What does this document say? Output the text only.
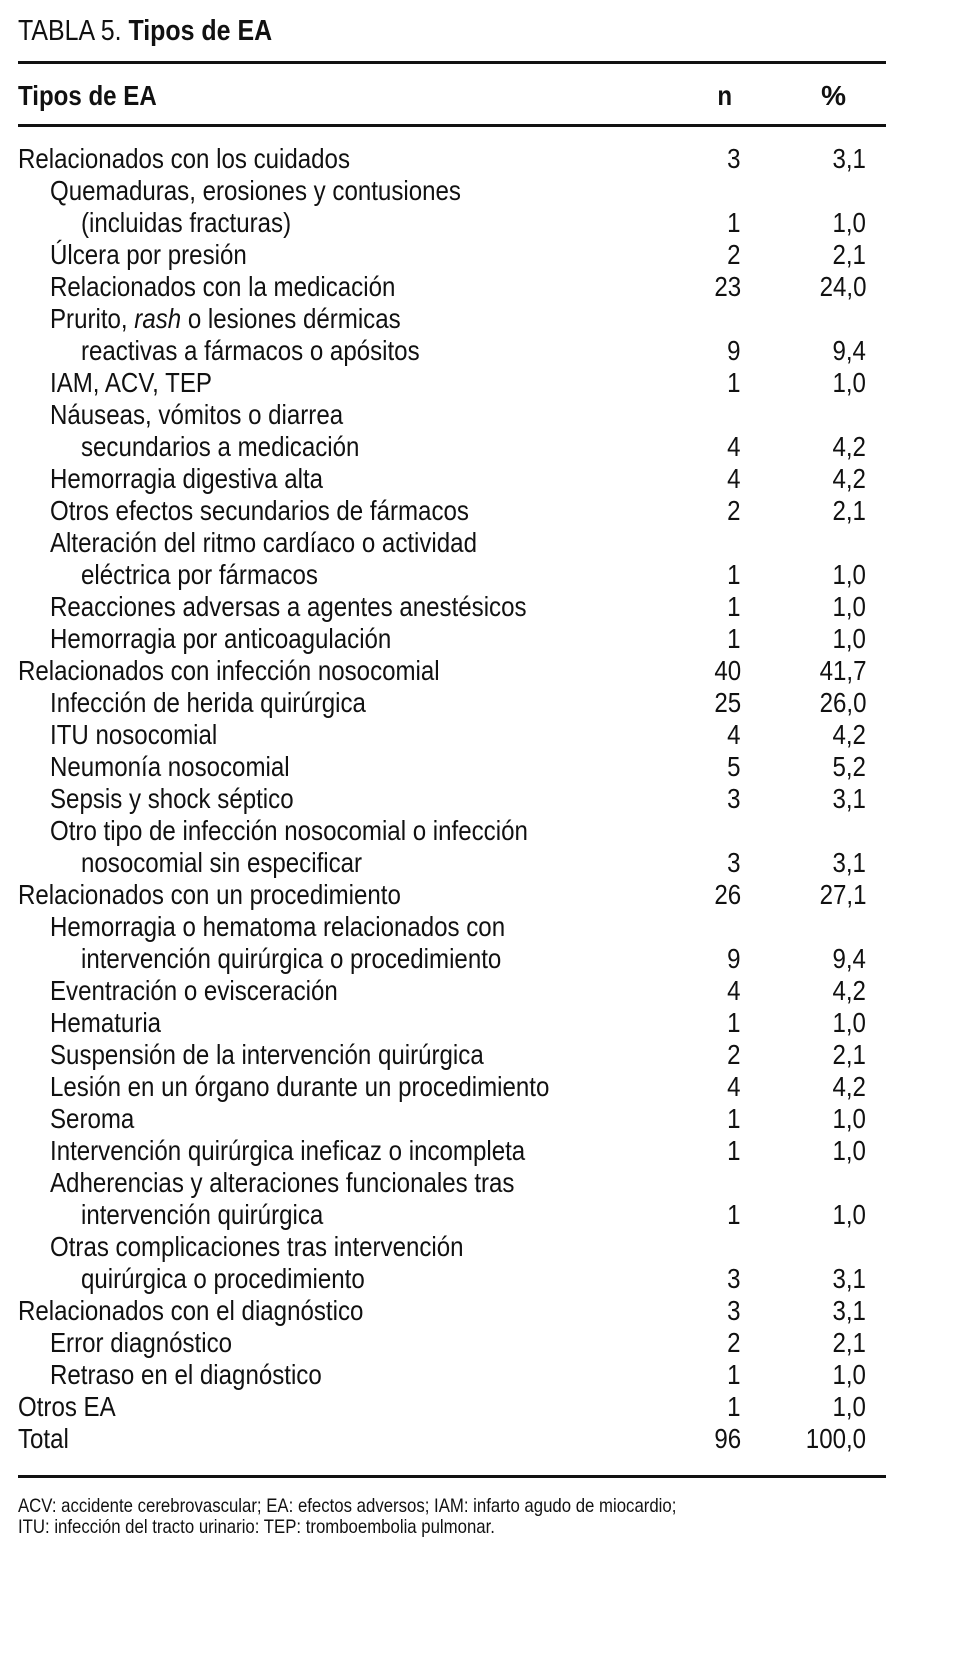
TABLA 5. Tipos de EA
Tipos de EA	n	%
Relacionados con los cuidados	3	3,1
Quemaduras, erosiones y contusiones
(incluidas fracturas)	1	1,0
Úlcera por presión	2	2,1
Relacionados con la medicación	23	24,0
Prurito, rash o lesiones dérmicas
reactivas a fármacos o apósitos	9	9,4
IAM, ACV, TEP	1	1,0
Náuseas, vómitos o diarrea
secundarios a medicación	4	4,2
Hemorragia digestiva alta	4	4,2
Otros efectos secundarios de fármacos	2	2,1
Alteración del ritmo cardíaco o actividad
eléctrica por fármacos	1	1,0
Reacciones adversas a agentes anestésicos	1	1,0
Hemorragia por anticoagulación	1	1,0
Relacionados con infección nosocomial	40	41,7
Infección de herida quirúrgica	25	26,0
ITU nosocomial	4	4,2
Neumonía nosocomial	5	5,2
Sepsis y shock séptico	3	3,1
Otro tipo de infección nosocomial o infección
nosocomial sin especificar	3	3,1
Relacionados con un procedimiento	26	27,1
Hemorragia o hematoma relacionados con
intervención quirúrgica o procedimiento	9	9,4
Eventración o evisceración	4	4,2
Hematuria	1	1,0
Suspensión de la intervención quirúrgica	2	2,1
Lesión en un órgano durante un procedimiento	4	4,2
Seroma	1	1,0
Intervención quirúrgica ineficaz o incompleta	1	1,0
Adherencias y alteraciones funcionales tras
intervención quirúrgica	1	1,0
Otras complicaciones tras intervención
quirúrgica o procedimiento	3	3,1
Relacionados con el diagnóstico	3	3,1
Error diagnóstico	2	2,1
Retraso en el diagnóstico	1	1,0
Otros EA	1	1,0
Total	96 100,0
ACV: accidente cerebrovascular; EA: efectos adversos; IAM: infarto agudo de miocardio;
ITU: infección del tracto urinario: TEP: tromboembolia pulmonar.
